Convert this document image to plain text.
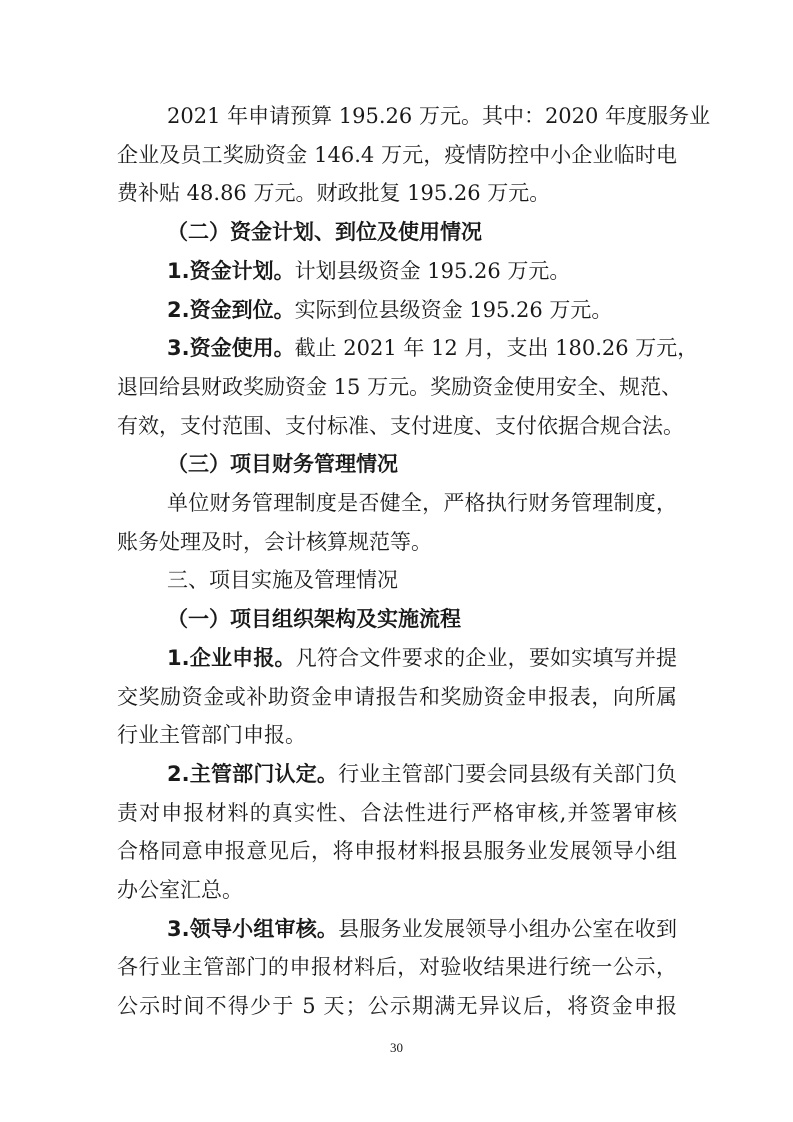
2021 年申请预算 195.26 万元。其中：2020 年度服务业
企业及员工奖励资金 146.4 万元，疫情防控中小企业临时电
费补贴 48.86 万元。财政批复 195.26 万元。
（二）资金计划、到位及使用情况
1.资金计划。计划县级资金 195.26 万元。
2.资金到位。实际到位县级资金 195.26 万元。
3.资金使用。截止 2021 年 12 月，支出 180.26 万元，
退回给县财政奖励资金 15 万元。奖励资金使用安全、规范、
有效，支付范围、支付标准、支付进度、支付依据合规合法。
（三）项目财务管理情况
单位财务管理制度是否健全，严格执行财务管理制度，
账务处理及时，会计核算规范等。
三、项目实施及管理情况
（一）项目组织架构及实施流程
1.企业申报。凡符合文件要求的企业，要如实填写并提
交奖励资金或补助资金申请报告和奖励资金申报表，向所属
行业主管部门申报。
2.主管部门认定。行业主管部门要会同县级有关部门负
责对申报材料的真实性、合法性进行严格审核,并签署审核
合格同意申报意见后，将申报材料报县服务业发展领导小组
办公室汇总。
3.领导小组审核。县服务业发展领导小组办公室在收到
各行业主管部门的申报材料后，对验收结果进行统一公示，
公示时间不得少于 5 天；公示期满无异议后，将资金申报
30
